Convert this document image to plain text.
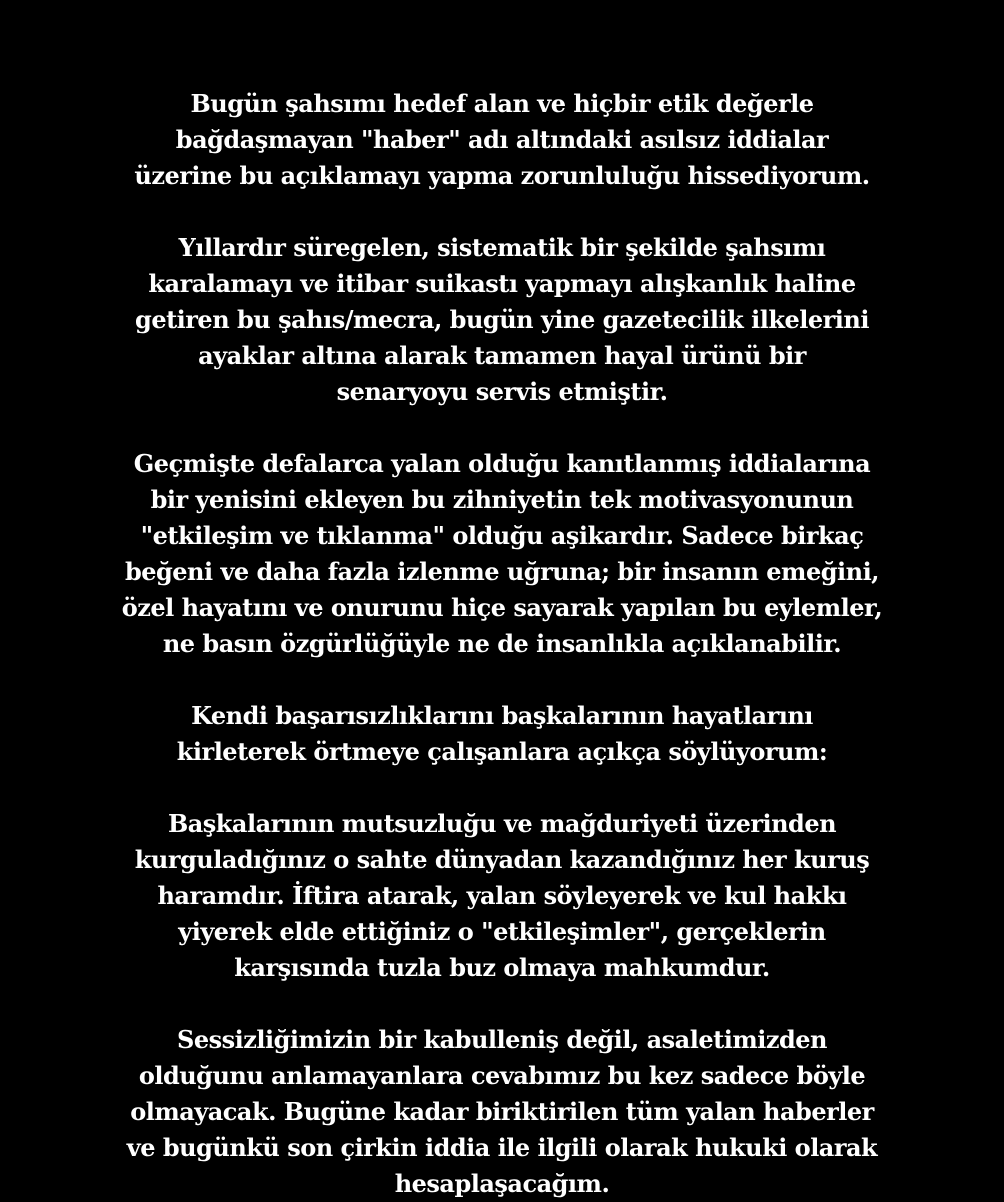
Bugün şahsımı hedef alan ve hiçbir etik değerle
bağdaşmayan "haber" adı altındaki asılsız iddialar
üzerine bu açıklamayı yapma zorunluluğu hissediyorum.

Yıllardır süregelen, sistematik bir şekilde şahsımı
karalamayı ve itibar suikastı yapmayı alışkanlık haline
getiren bu şahıs/mecra, bugün yine gazetecilik ilkelerini
ayaklar altına alarak tamamen hayal ürünü bir
senaryoyu servis etmiştir.

Geçmişte defalarca yalan olduğu kanıtlanmış iddialarına
bir yenisini ekleyen bu zihniyetin tek motivasyonunun
"etkileşim ve tıklanma" olduğu aşikardır. Sadece birkaç
beğeni ve daha fazla izlenme uğruna; bir insanın emeğini,
özel hayatını ve onurunu hiçe sayarak yapılan bu eylemler,
ne basın özgürlüğüyle ne de insanlıkla açıklanabilir.

Kendi başarısızlıklarını başkalarının hayatlarını
kirleterek örtmeye çalışanlara açıkça söylüyorum:

Başkalarının mutsuzluğu ve mağduriyeti üzerinden
kurguladığınız o sahte dünyadan kazandığınız her kuruş
haramdır. İftira atarak, yalan söyleyerek ve kul hakkı
yiyerek elde ettiğiniz o "etkileşimler", gerçeklerin
karşısında tuzla buz olmaya mahkumdur.

Sessizliğimizin bir kabulleniş değil, asaletimizden
olduğunu anlamayanlara cevabımız bu kez sadece böyle
olmayacak. Bugüne kadar biriktirilen tüm yalan haberler
ve bugünkü son çirkin iddia ile ilgili olarak hukuki olarak
hesaplaşacağım.
